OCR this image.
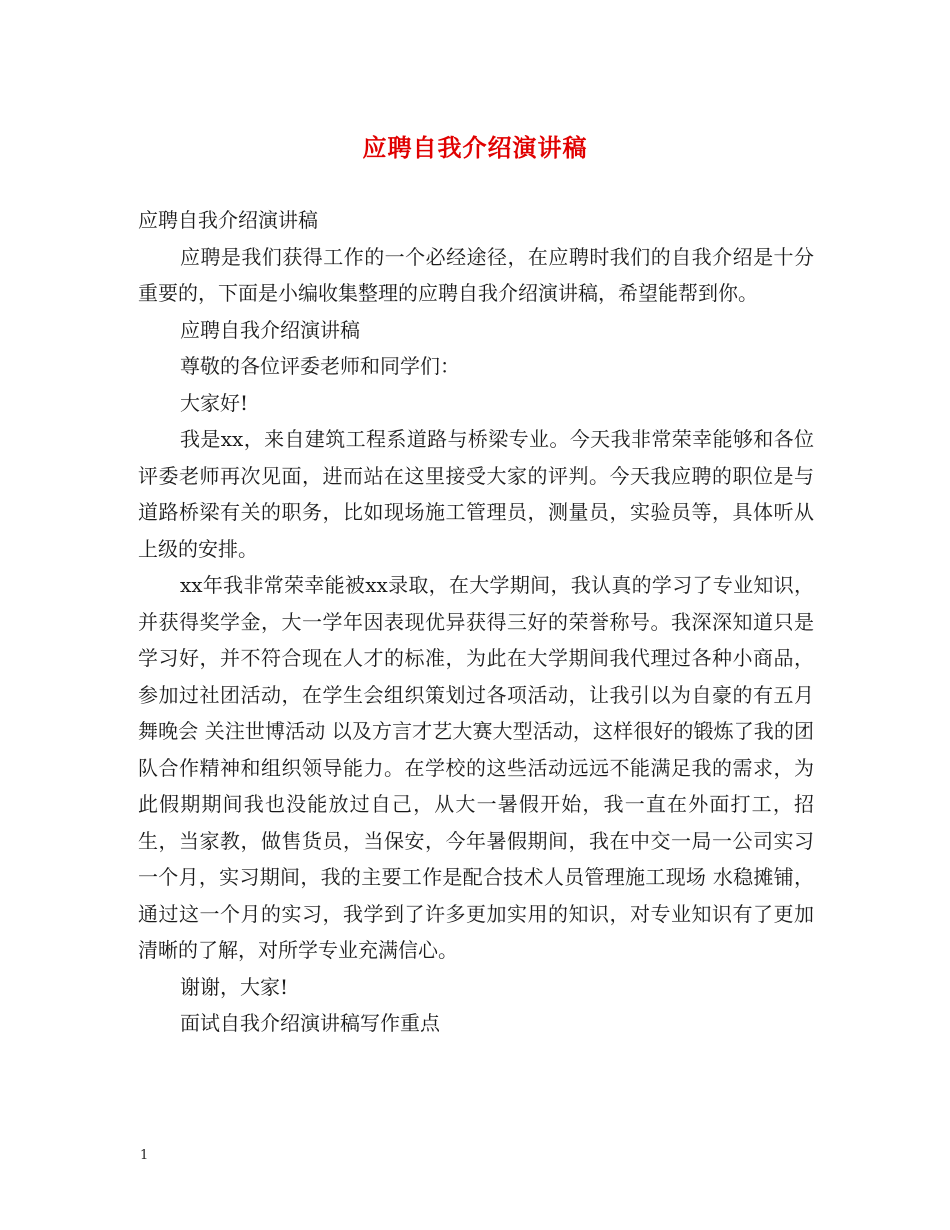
应聘自我介绍演讲稿

应聘自我介绍演讲稿

应聘是我们获得工作的一个必经途径，在应聘时我们的自我介绍是十分重要的，下面是小编收集整理的应聘自我介绍演讲稿，希望能帮到你。

应聘自我介绍演讲稿

尊敬的各位评委老师和同学们：

大家好!

我是xx，来自建筑工程系道路与桥梁专业。今天我非常荣幸能够和各位评委老师再次见面，进而站在这里接受大家的评判。今天我应聘的职位是与道路桥梁有关的职务，比如现场施工管理员，测量员，实验员等，具体听从上级的安排。

xx年我非常荣幸能被xx录取，在大学期间，我认真的学习了专业知识，并获得奖学金，大一学年因表现优异获得三好的荣誉称号。我深深知道只是学习好，并不符合现在人才的标准，为此在大学期间我代理过各种小商品，参加过社团活动，在学生会组织策划过各项活动，让我引以为自豪的有五月舞晚会 关注世博活动 以及方言才艺大赛大型活动，这样很好的锻炼了我的团队合作精神和组织领导能力。在学校的这些活动远远不能满足我的需求，为此假期期间我也没能放过自己，从大一暑假开始，我一直在外面打工，招生，当家教，做售货员，当保安，今年暑假期间，我在中交一局一公司实习一个月，实习期间，我的主要工作是配合技术人员管理施工现场 水稳摊铺，通过这一个月的实习，我学到了许多更加实用的知识，对专业知识有了更加清晰的了解，对所学专业充满信心。

谢谢，大家!

面试自我介绍演讲稿写作重点

1
